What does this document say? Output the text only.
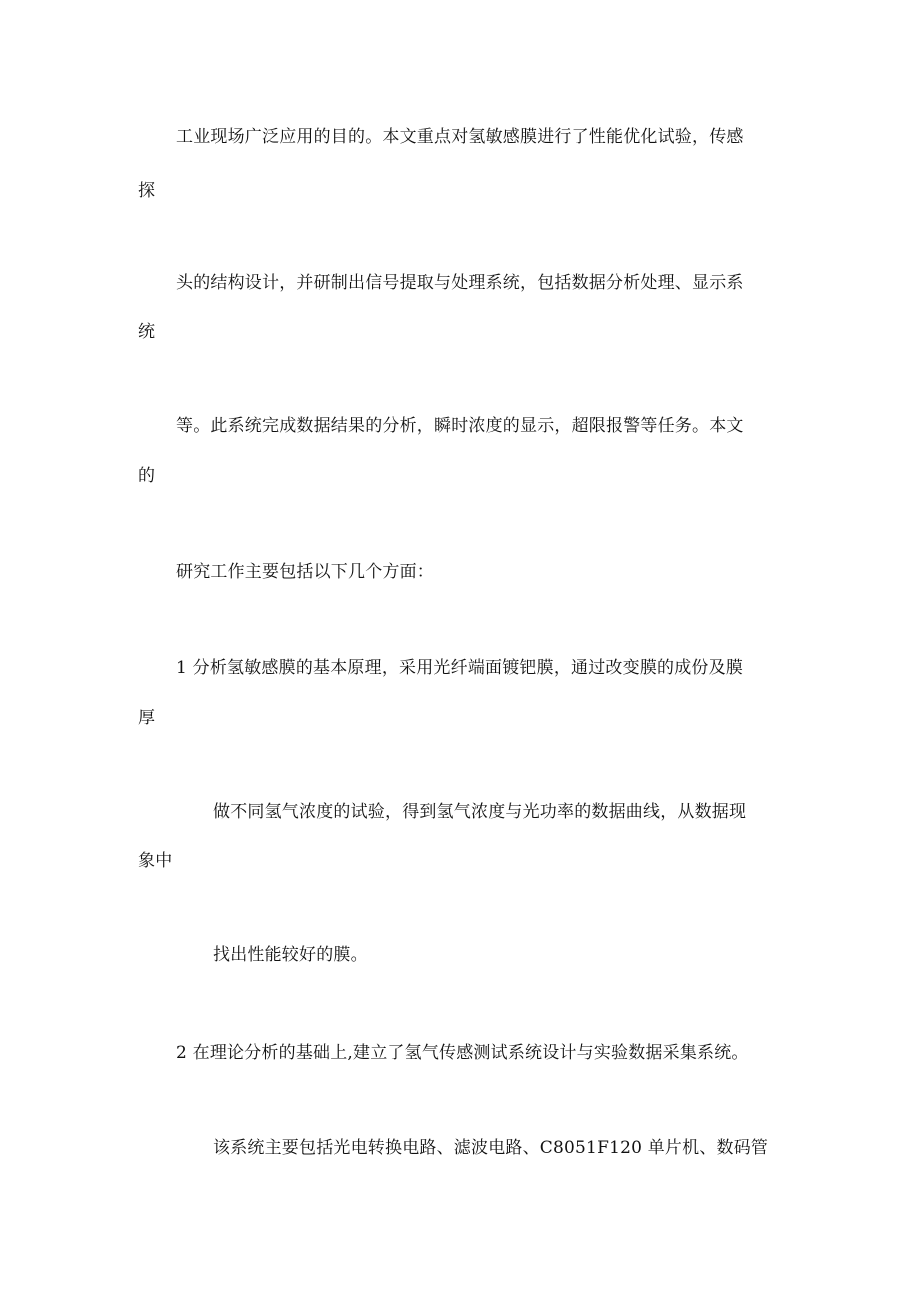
工业现场广泛应用的目的。本文重点对氢敏感膜进行了性能优化试验，传感
探
头的结构设计，并研制出信号提取与处理系统，包括数据分析处理、显示系
统
等。此系统完成数据结果的分析，瞬时浓度的显示，超限报警等任务。本文
的
研究工作主要包括以下几个方面：
1 分析氢敏感膜的基本原理，采用光纤端面镀钯膜，通过改变膜的成份及膜
厚
做不同氢气浓度的试验，得到氢气浓度与光功率的数据曲线，从数据现
象中
找出性能较好的膜。
2 在理论分析的基础上,建立了氢气传感测试系统设计与实验数据采集系统。
该系统主要包括光电转换电路、滤波电路、C8051F120 单片机、数码管
